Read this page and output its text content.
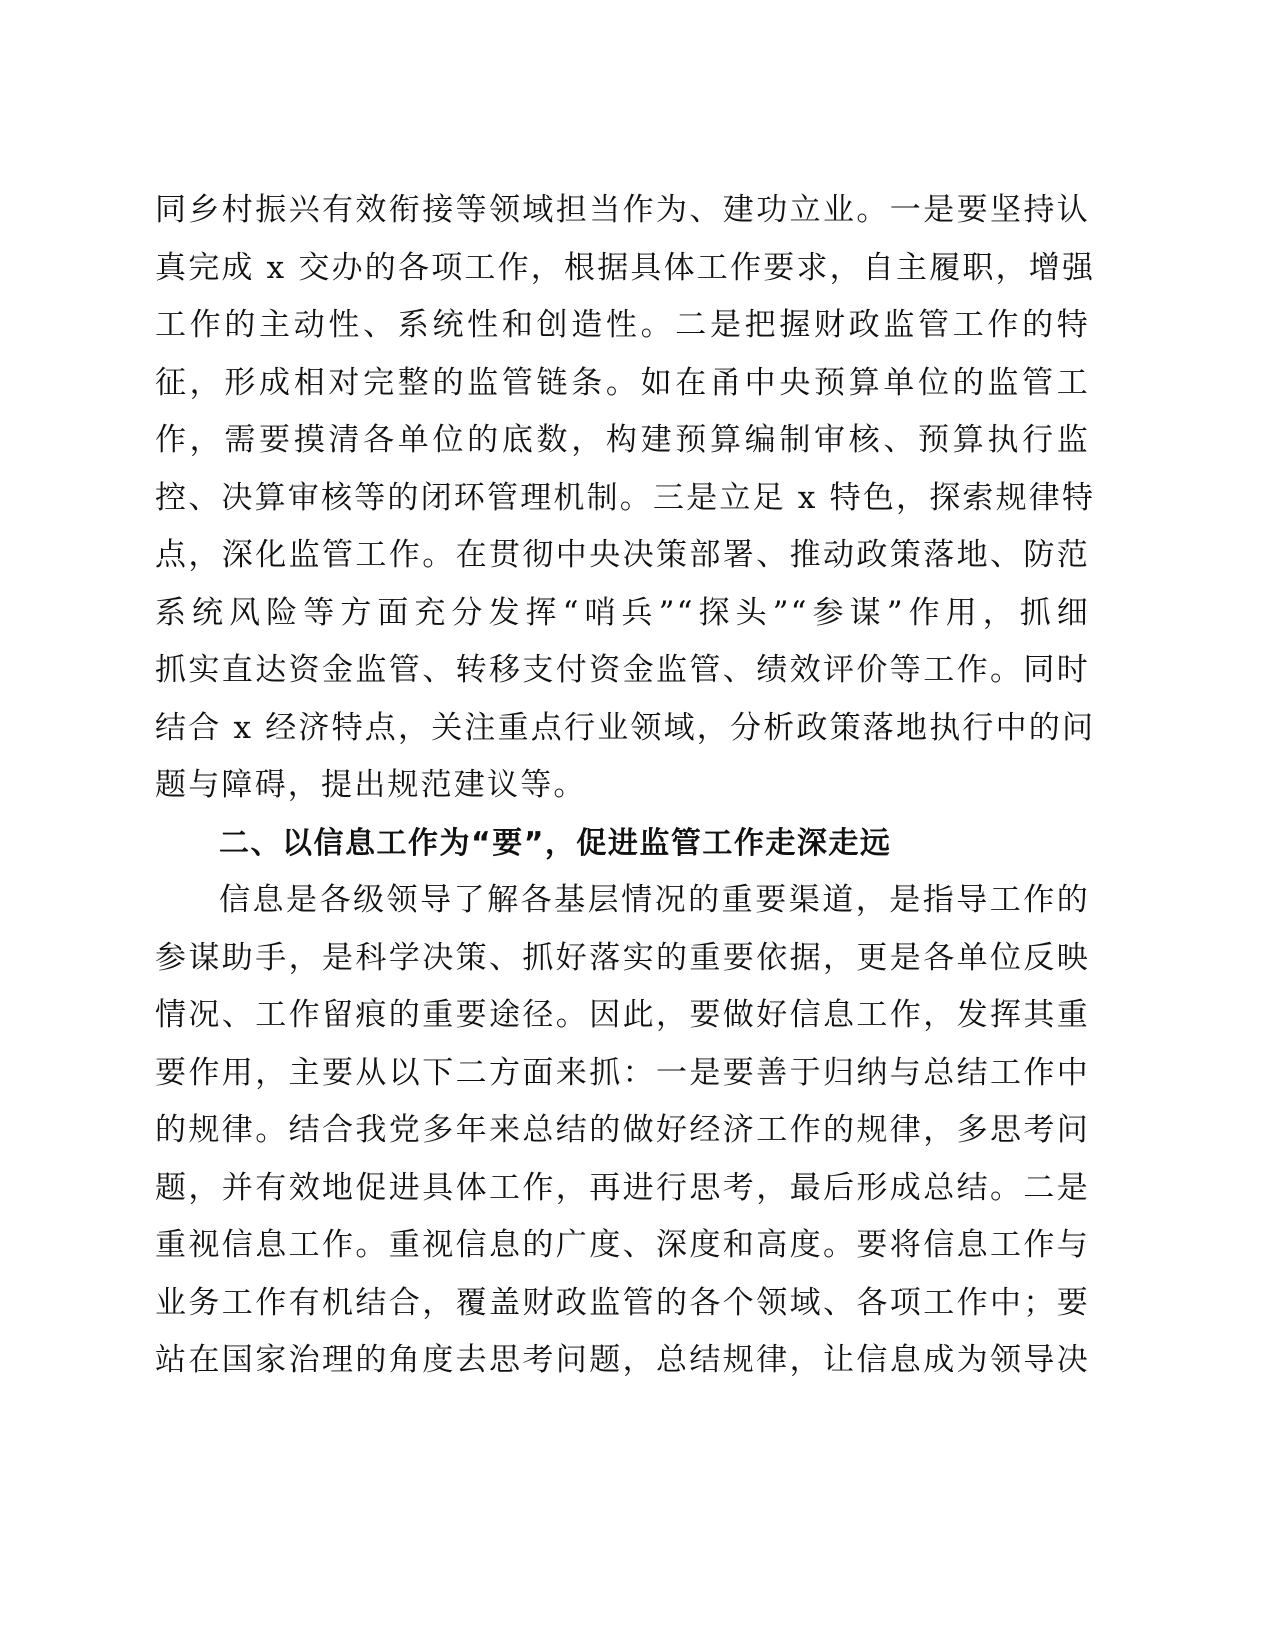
同乡村振兴有效衔接等领域担当作为、建功立业。一是要坚持认
真完成 x 交办的各项工作，根据具体工作要求，自主履职，增强
工作的主动性、系统性和创造性。二是把握财政监管工作的特
征，形成相对完整的监管链条。如在甬中央预算单位的监管工
作，需要摸清各单位的底数，构建预算编制审核、预算执行监
控、决算审核等的闭环管理机制。三是立足 x 特色，探索规律特
点，深化监管工作。在贯彻中央决策部署、推动政策落地、防范
系统风险等方面充分发挥“哨兵”“探头”“参谋”作用，抓细
抓实直达资金监管、转移支付资金监管、绩效评价等工作。同时
结合 x 经济特点，关注重点行业领域，分析政策落地执行中的问
题与障碍，提出规范建议等。
二、以信息工作为“要”，促进监管工作走深走远
信息是各级领导了解各基层情况的重要渠道，是指导工作的
参谋助手，是科学决策、抓好落实的重要依据，更是各单位反映
情况、工作留痕的重要途径。因此，要做好信息工作，发挥其重
要作用，主要从以下二方面来抓：一是要善于归纳与总结工作中
的规律。结合我党多年来总结的做好经济工作的规律，多思考问
题，并有效地促进具体工作，再进行思考，最后形成总结。二是
重视信息工作。重视信息的广度、深度和高度。要将信息工作与
业务工作有机结合，覆盖财政监管的各个领域、各项工作中；要
站在国家治理的角度去思考问题，总结规律，让信息成为领导决
